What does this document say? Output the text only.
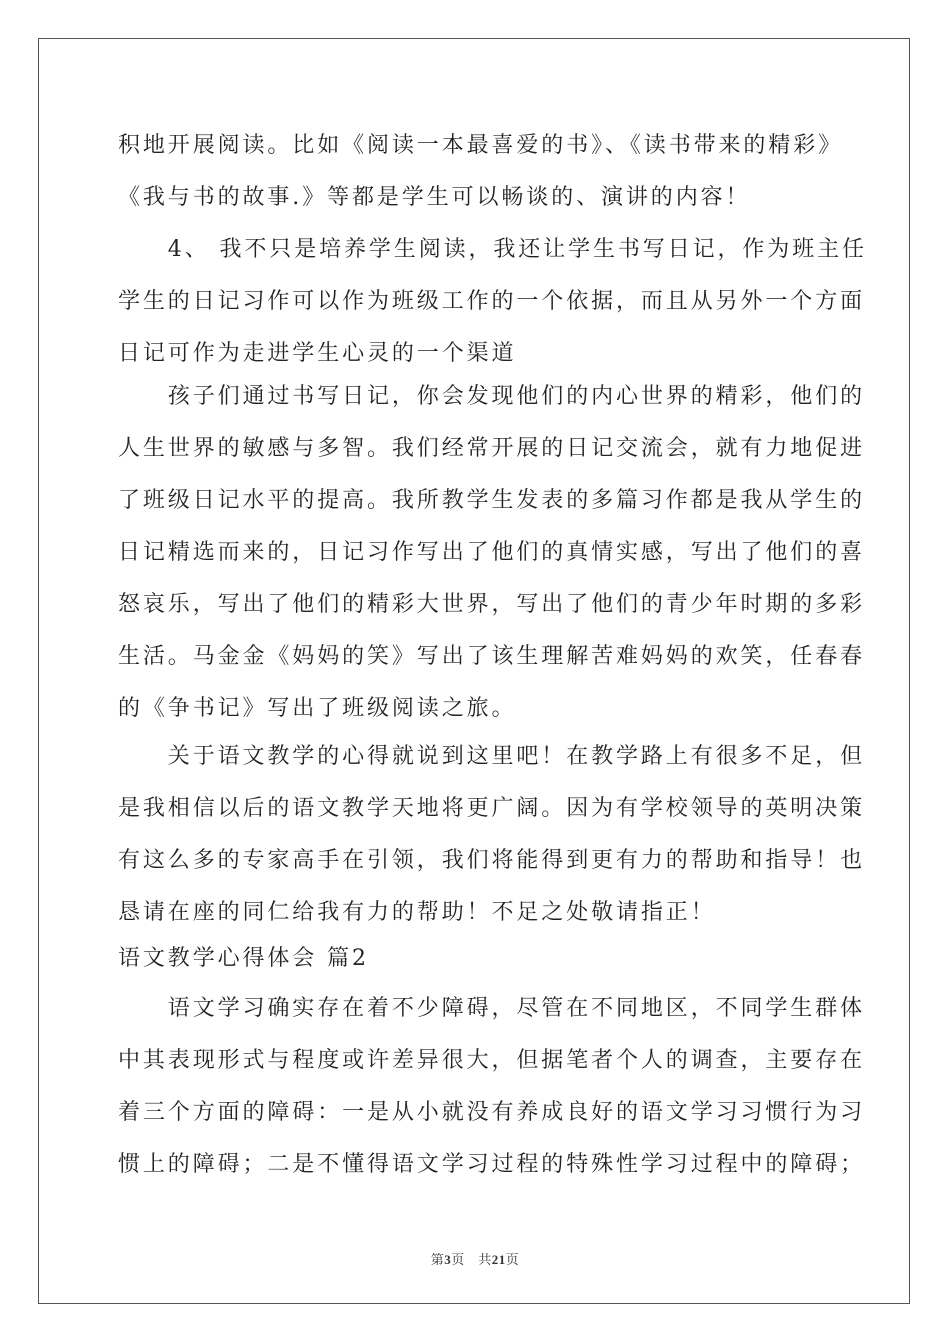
积地开展阅读。比如《阅读一本最喜爱的书》、《读书带来的精彩》
《我与书的故事.》等都是学生可以畅谈的、演讲的内容！
　　4、 我不只是培养学生阅读，我还让学生书写日记，作为班主任
学生的日记习作可以作为班级工作的一个依据，而且从另外一个方面
日记可作为走进学生心灵的一个渠道
　　孩子们通过书写日记，你会发现他们的内心世界的精彩，他们的
人生世界的敏感与多智。我们经常开展的日记交流会，就有力地促进
了班级日记水平的提高。我所教学生发表的多篇习作都是我从学生的
日记精选而来的，日记习作写出了他们的真情实感，写出了他们的喜
怒哀乐，写出了他们的精彩大世界，写出了他们的青少年时期的多彩
生活。马金金《妈妈的笑》写出了该生理解苦难妈妈的欢笑，任春春
的《争书记》写出了班级阅读之旅。
　　关于语文教学的心得就说到这里吧！在教学路上有很多不足，但
是我相信以后的语文教学天地将更广阔。因为有学校领导的英明决策
有这么多的专家高手在引领，我们将能得到更有力的帮助和指导！也
恳请在座的同仁给我有力的帮助！不足之处敬请指正！
语文教学心得体会 篇2
　　语文学习确实存在着不少障碍，尽管在不同地区，不同学生群体
中其表现形式与程度或许差异很大，但据笔者个人的调查，主要存在
着三个方面的障碍：一是从小就没有养成良好的语文学习习惯行为习
惯上的障碍；二是不懂得语文学习过程的特殊性学习过程中的障碍；
第3页　共21页
